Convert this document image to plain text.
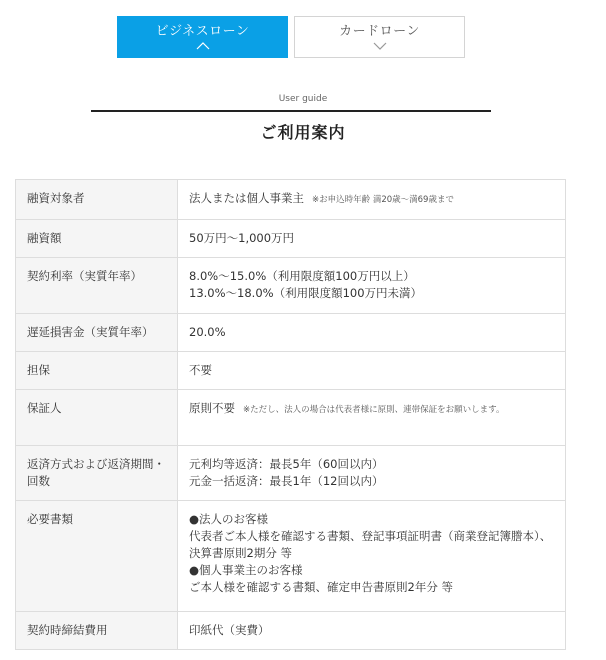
ビジネスローン	カードローン
User guide
ご利用案内
融資対象者	法人または個人事業主 ※お申込時年齢 満20歳～満69歳まで
融資額	50万円～1,000万円
契約利率（実質年率）	8.0%～15.0%（利用限度額100万円以上）
13.0%～18.0%（利用限度額100万円未満）

遅延損害金（実質年率）	20.0%
担保	不要
保証人	原則不要 ※ただし、法人の場合は代表者様に原則、連帯保証をお願いします。
返済方式および返済期間・回数	元利均等返済：最長5年（60回以内）
元金一括返済：最長1年（12回以内）

必要書類	●法人のお客様
代表者ご本人様を確認する書類、登記事項証明書（商業登記簿謄本）、決算書原則2期分 等
●個人事業主のお客様
ご本人様を確認する書類、確定申告書原則2年分 等

契約時締結費用	印紙代（実費）
